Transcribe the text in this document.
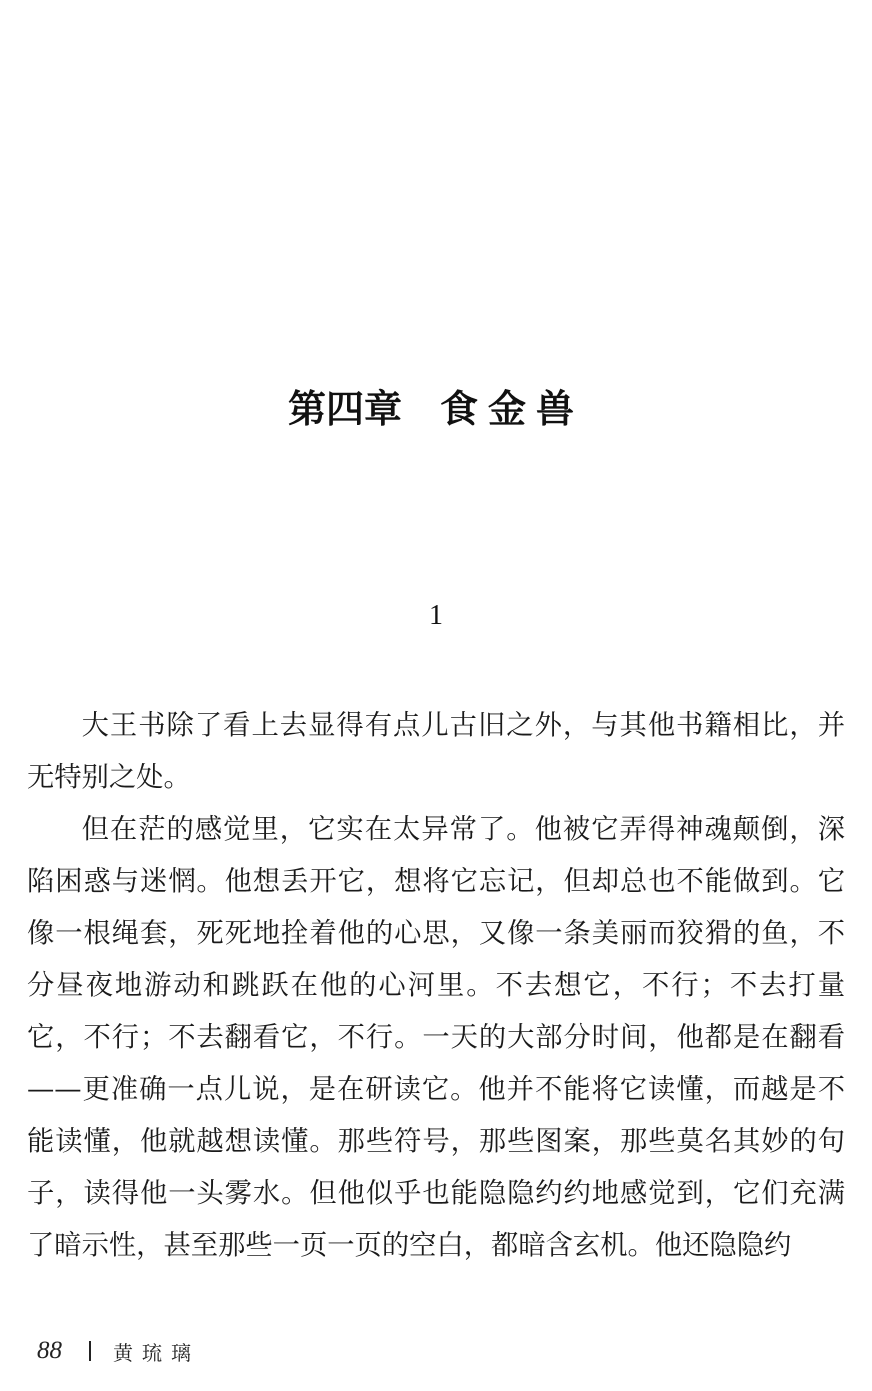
第四章 食金兽
1

大王书除了看上去显得有点儿古旧之外，与其他书籍相比，并无特别之处。

但在茫的感觉里，它实在太异常了。他被它弄得神魂颠倒，深陷困惑与迷惘。他想丢开它，想将它忘记，但却总也不能做到。它像一根绳套，死死地拴着他的心思，又像一条美丽而狡猾的鱼，不分昼夜地游动和跳跃在他的心河里。不去想它，不行；不去打量它，不行；不去翻看它，不行。一天的大部分时间，他都是在翻看——更准确一点儿说，是在研读它。他并不能将它读懂，而越是不能读懂，他就越想读懂。那些符号，那些图案，那些莫名其妙的句子，读得他一头雾水。但他似乎也能隐隐约约地感觉到，它们充满了暗示性，甚至那些一页一页的空白，都暗含玄机。他还隐隐约

88	黄琉璃
